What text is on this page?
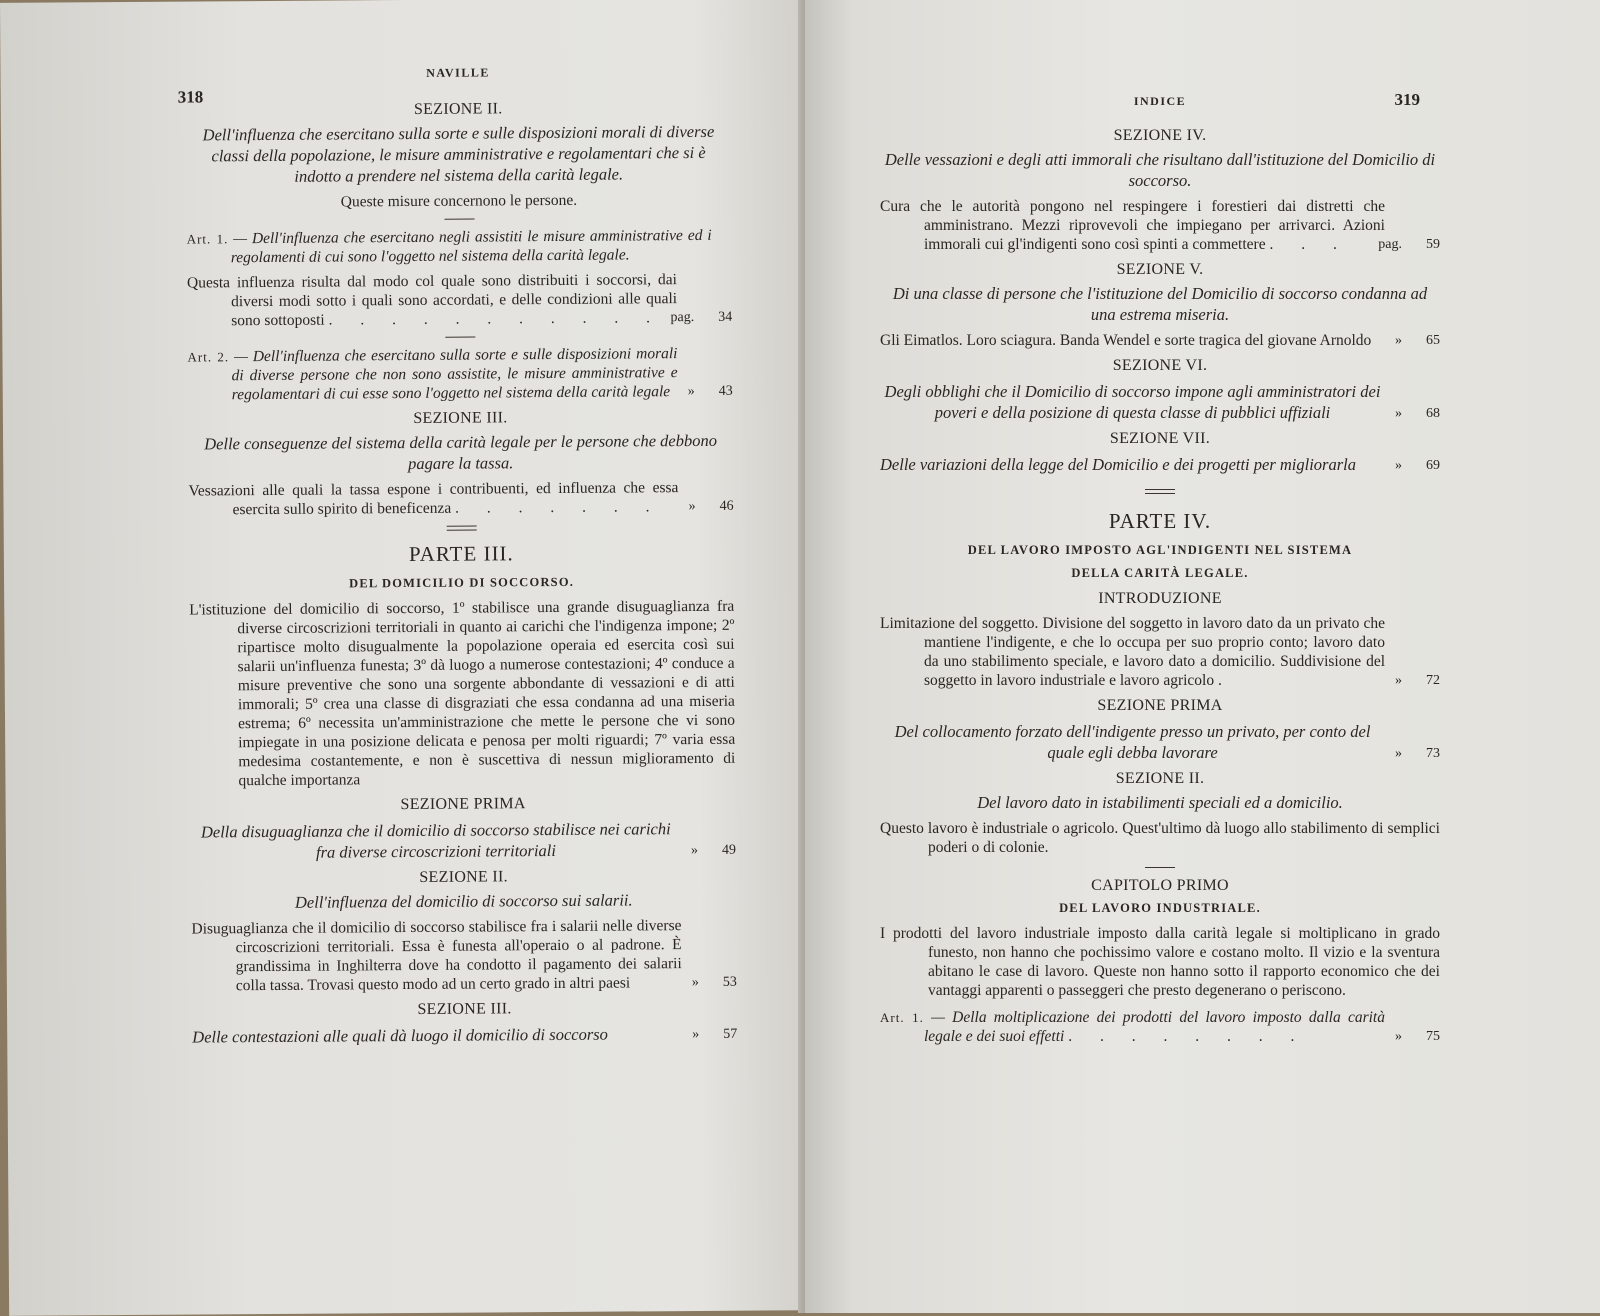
318
NAVILLE
SEZIONE II.
Dell'influenza che esercitano sulla sorte e sulle disposizioni morali di diverse classi della popolazione, le misure amministrative e regolamentari che si è indotto a prendere nel sistema della carità legale.
Queste misure concernono le persone.
Art. 1. — Dell'influenza che esercitano negli assistiti le misure amministrative ed i regolamenti di cui sono l'oggetto nel sistema della carità legale.
Questa influenza risulta dal modo col quale sono distribuiti i soccorsi, dai diversi modi sotto i quali sono accordati, e delle condizioni alle quali sono sottoposti . . . . . . . . . . . pag. 34
Art. 2. — Dell'influenza che esercitano sulla sorte e sulle disposizioni morali di diverse persone che non sono assistite, le misure amministrative e regolamentari di cui esse sono l'oggetto nel sistema della carità legale	» 43
SEZIONE III.
Delle conseguenze del sistema della carità legale per le persone che debbono pagare la tassa.
Vessazioni alle quali la tassa espone i contribuenti, ed influenza che essa esercita sullo spirito di beneficenza . . . . . . .	» 46
PARTE III.
DEL DOMICILIO DI SOCCORSO.
L'istituzione del domicilio di soccorso, 1º stabilisce una grande disuguaglianza fra diverse circoscrizioni territoriali in quanto ai carichi che l'indigenza impone; 2º ripartisce molto disugualmente la popolazione operaia ed esercita così sui salarii un'influenza funesta; 3º dà luogo a numerose contestazioni; 4º conduce a misure preventive che sono una sorgente abbondante di vessazioni e di atti immorali; 5º crea una classe di disgraziati che essa condanna ad una miseria estrema; 6º necessita un'amministrazione che mette le persone che vi sono impiegate in una posizione delicata e penosa per molti riguardi; 7º varia essa medesima costantemente, e non è suscettiva di nessun miglioramento di qualche importanza
SEZIONE PRIMA
Della disuguaglianza che il domicilio di soccorso stabilisce nei carichi fra diverse circoscrizioni territoriali	» 49
SEZIONE II.
Dell'influenza del domicilio di soccorso sui salarii.
Disuguaglianza che il domicilio di soccorso stabilisce fra i salarii nelle diverse circoscrizioni territoriali. Essa è funesta all'operaio o al padrone. È grandissima in Inghilterra dove ha condotto il pagamento dei salarii colla tassa. Trovasi questo modo ad un certo grado in altri paesi	» 53
SEZIONE III.
Delle contestazioni alle quali dà luogo il domicilio di soccorso	» 57
INDICE	319
SEZIONE IV.
Delle vessazioni e degli atti immorali che risultano dall'istituzione del Domicilio di soccorso.
Cura che le autorità pongono nel respingere i forestieri dai distretti che amministrano. Mezzi riprovevoli che impiegano per arrivarci. Azioni immorali cui gl'indigenti sono così spinti a commettere . . .	pag. 59
SEZIONE V.
Di una classe di persone che l'istituzione del Domicilio di soccorso condanna ad una estrema miseria.
Gli Eimatlos. Loro sciagura. Banda Wendel e sorte tragica del giovane Arnoldo	» 65
SEZIONE VI.
Degli obblighi che il Domicilio di soccorso impone agli amministratori dei poveri e della posizione di questa classe di pubblici uffiziali	» 68
SEZIONE VII.
Delle variazioni della legge del Domicilio e dei progetti per migliorarla	» 69
PARTE IV.
DEL LAVORO IMPOSTO AGL'INDIGENTI NEL SISTEMA
DELLA CARITÀ LEGALE.
INTRODUZIONE
Limitazione del soggetto. Divisione del soggetto in lavoro dato da un privato che mantiene l'indigente, e che lo occupa per suo proprio conto; lavoro dato da uno stabilimento speciale, e lavoro dato a domicilio. Suddivisione del soggetto in lavoro industriale e lavoro agricolo .	» 72
SEZIONE PRIMA
Del collocamento forzato dell'indigente presso un privato, per conto del quale egli debba lavorare	» 73
SEZIONE II.
Del lavoro dato in istabilimenti speciali ed a domicilio.
Questo lavoro è industriale o agricolo. Quest'ultimo dà luogo allo stabilimento di semplici poderi o di colonie.
CAPITOLO PRIMO
DEL LAVORO INDUSTRIALE.
I prodotti del lavoro industriale imposto dalla carità legale si moltiplicano in grado funesto, non hanno che pochissimo valore e costano molto. Il vizio e la sventura abitano le case di lavoro. Queste non hanno sotto il rapporto economico che dei vantaggi apparenti o passeggeri che presto degenerano o periscono.
Art. 1. — Della moltiplicazione dei prodotti del lavoro imposto dalla carità legale e dei suoi effetti . . . . . . . .	» 75
